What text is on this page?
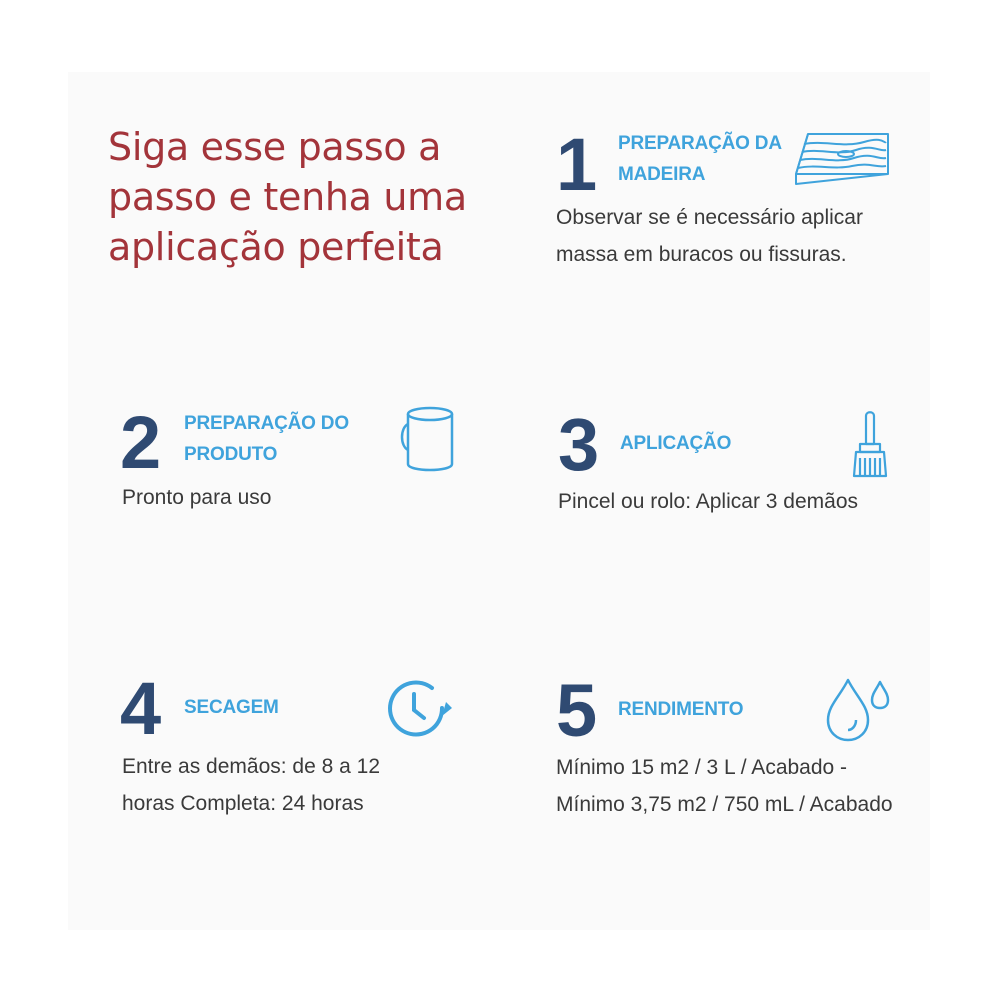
Siga esse passo a passo e tenha uma aplicação perfeita
1 PREPARAÇÃO DA MADEIRA
Observar se é necessário aplicar massa em buracos ou fissuras.
2 PREPARAÇÃO DO PRODUTO
Pronto para uso
3 APLICAÇÃO
Pincel ou rolo: Aplicar 3 demãos
4 SECAGEM
Entre as demãos: de 8 a 12 horas Completa: 24 horas
5 RENDIMENTO
Mínimo 15 m2 / 3 L / Acabado - Mínimo 3,75 m2 / 750 mL / Acabado
